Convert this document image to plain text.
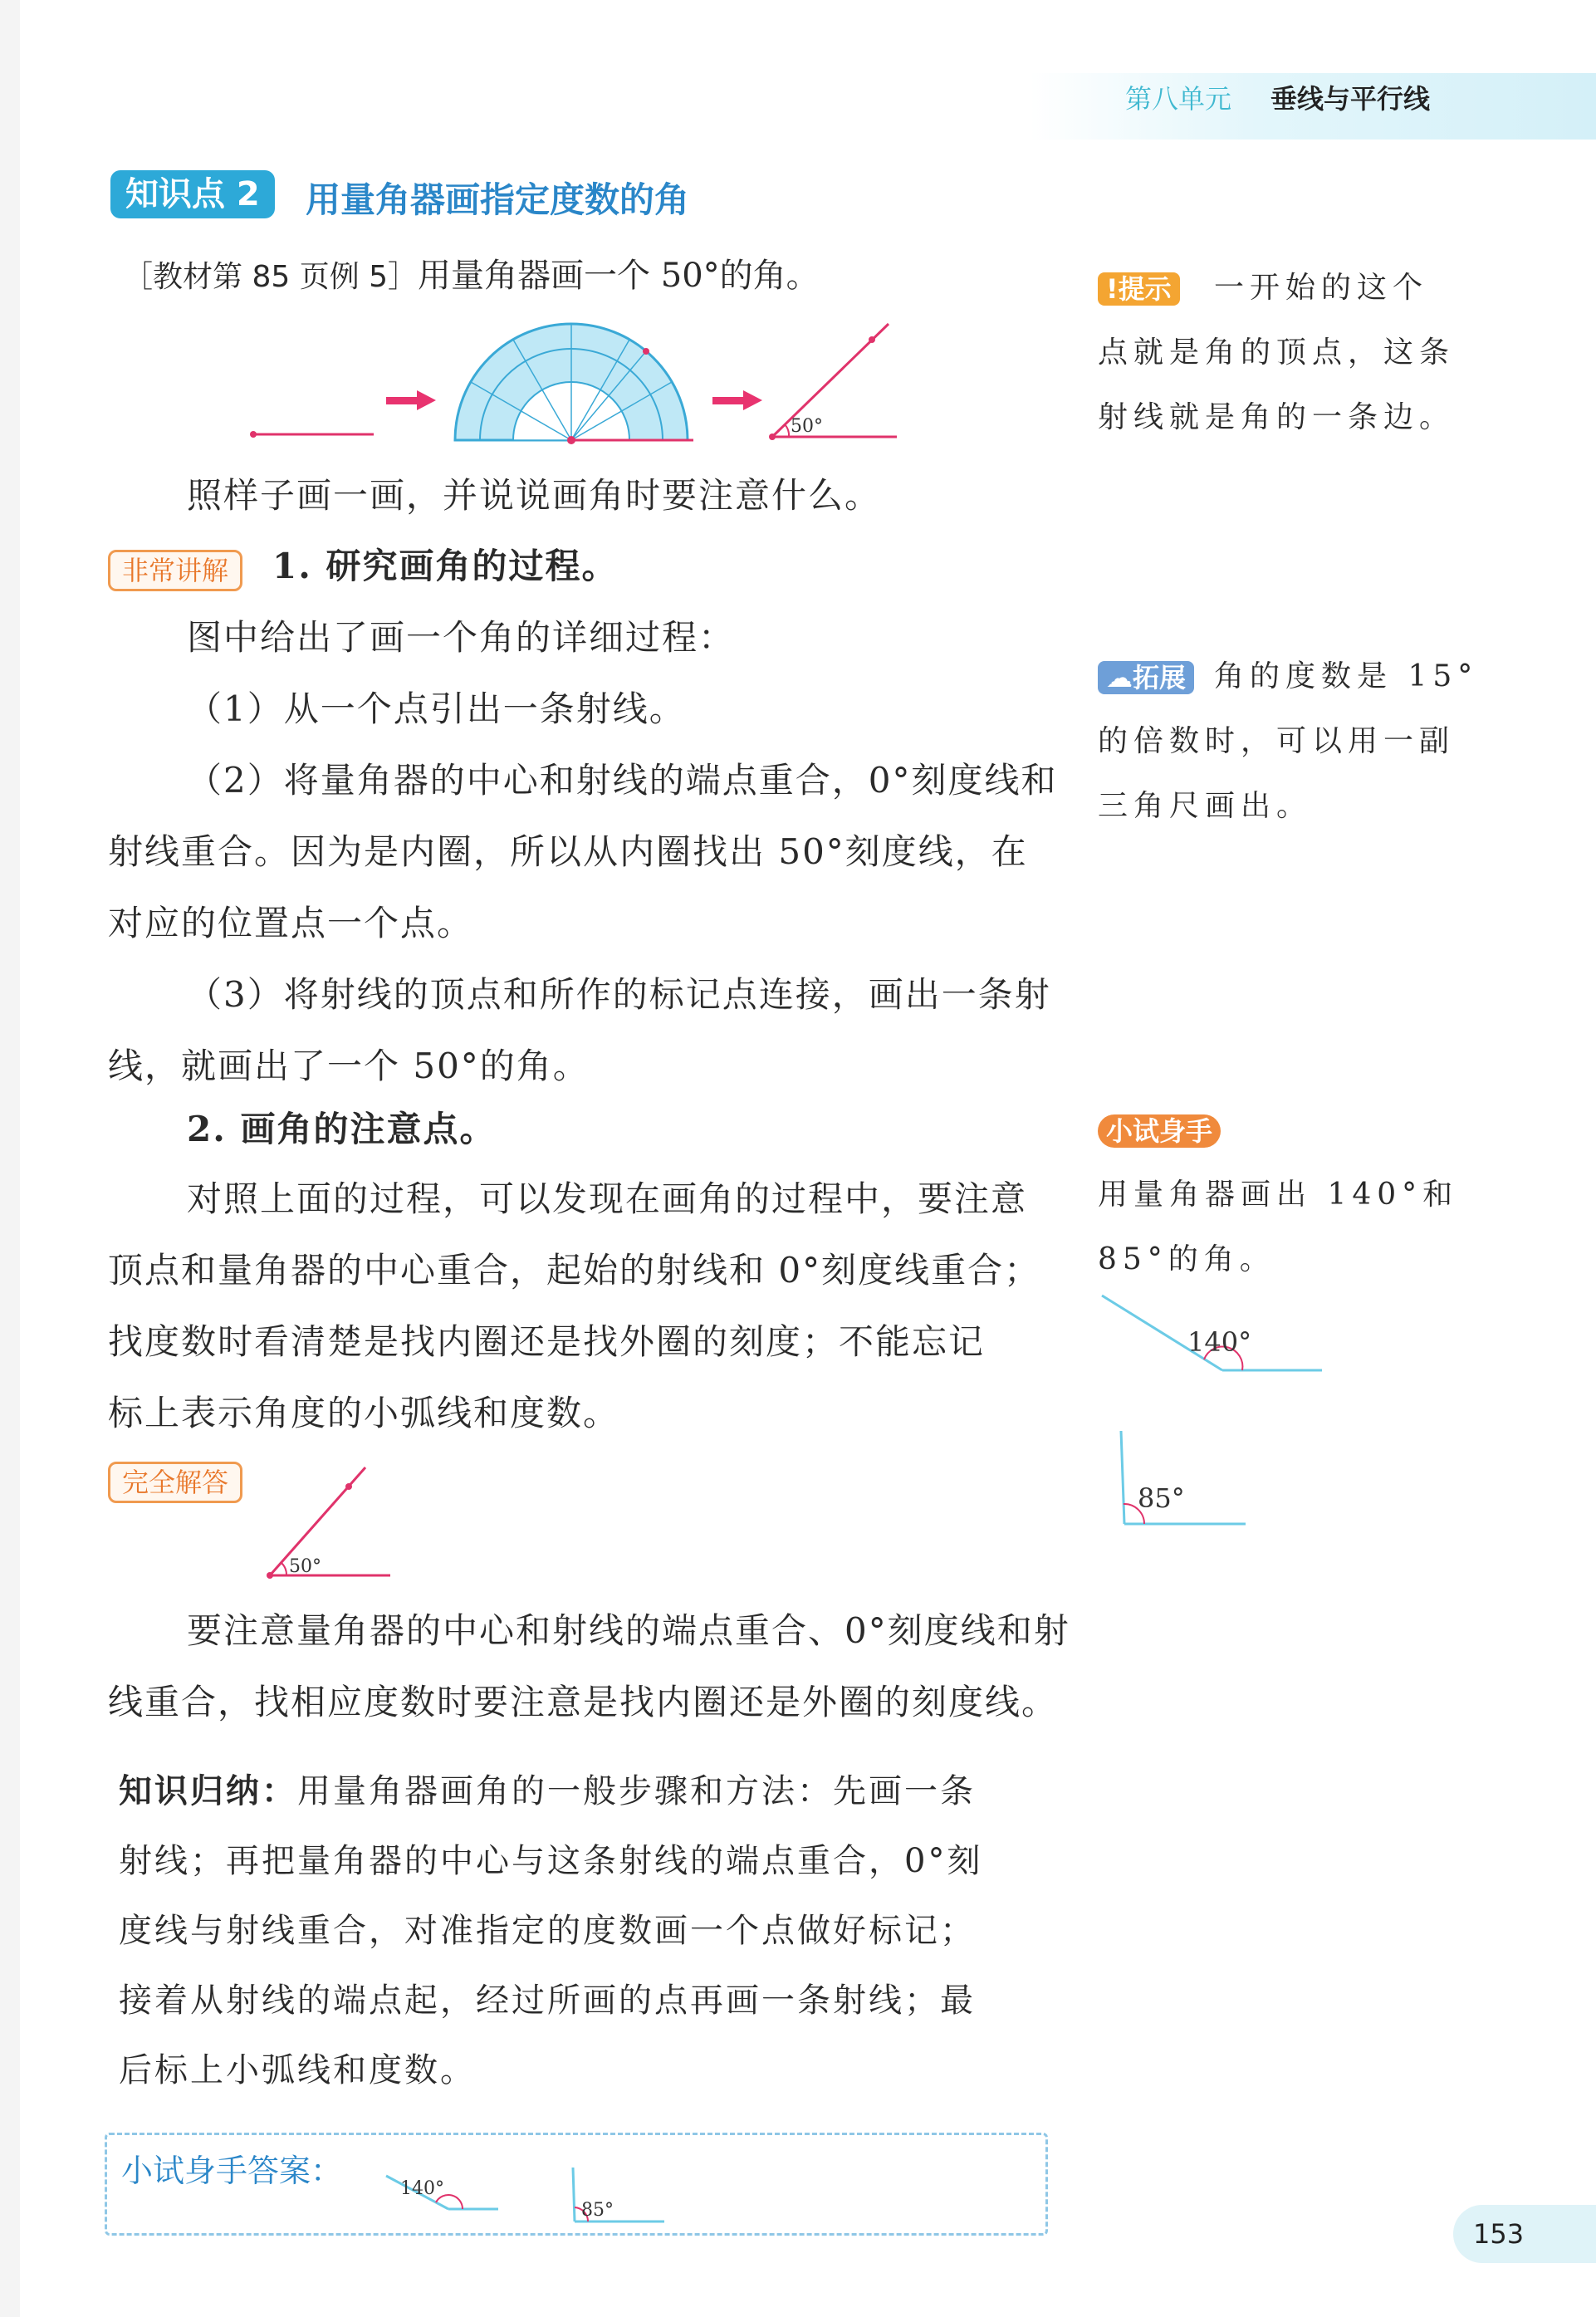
第八单元 垂线与平行线
知识点 2	用量角器画指定度数的角
［教材第 85 页例 5］用量角器画一个 50°的角。
50°
照样子画一画，并说说画角时要注意什么。
非常讲解	1. 研究画角的过程。
图中给出了画一个角的详细过程：
（1）从一个点引出一条射线。
（2）将量角器的中心和射线的端点重合，0°刻度线和
射线重合。因为是内圈，所以从内圈找出 50°刻度线，在
对应的位置点一个点。
（3）将射线的顶点和所作的标记点连接，画出一条射
线，就画出了一个 50°的角。
2. 画角的注意点。
对照上面的过程，可以发现在画角的过程中，要注意
顶点和量角器的中心重合，起始的射线和 0°刻度线重合；
找度数时看清楚是找内圈还是找外圈的刻度；不能忘记
标上表示角度的小弧线和度数。
完全解答
50°
要注意量角器的中心和射线的端点重合、0°刻度线和射
线重合，找相应度数时要注意是找内圈还是外圈的刻度线。
知识归纳：用量角器画角的一般步骤和方法：先画一条
射线；再把量角器的中心与这条射线的端点重合，0°刻
度线与射线重合，对准指定的度数画一个点做好标记；
接着从射线的端点起，经过所画的点再画一条射线；最
后标上小弧线和度数。
小试身手答案：	140°
85°
!提示 一开始的这个
点就是角的顶点，这条
射线就是角的一条边。
☁拓展 角的度数是 15°
的倍数时，可以用一副
三角尺画出。
小试身手
用量角器画出 140°和
85°的角。
140°
85°
153
